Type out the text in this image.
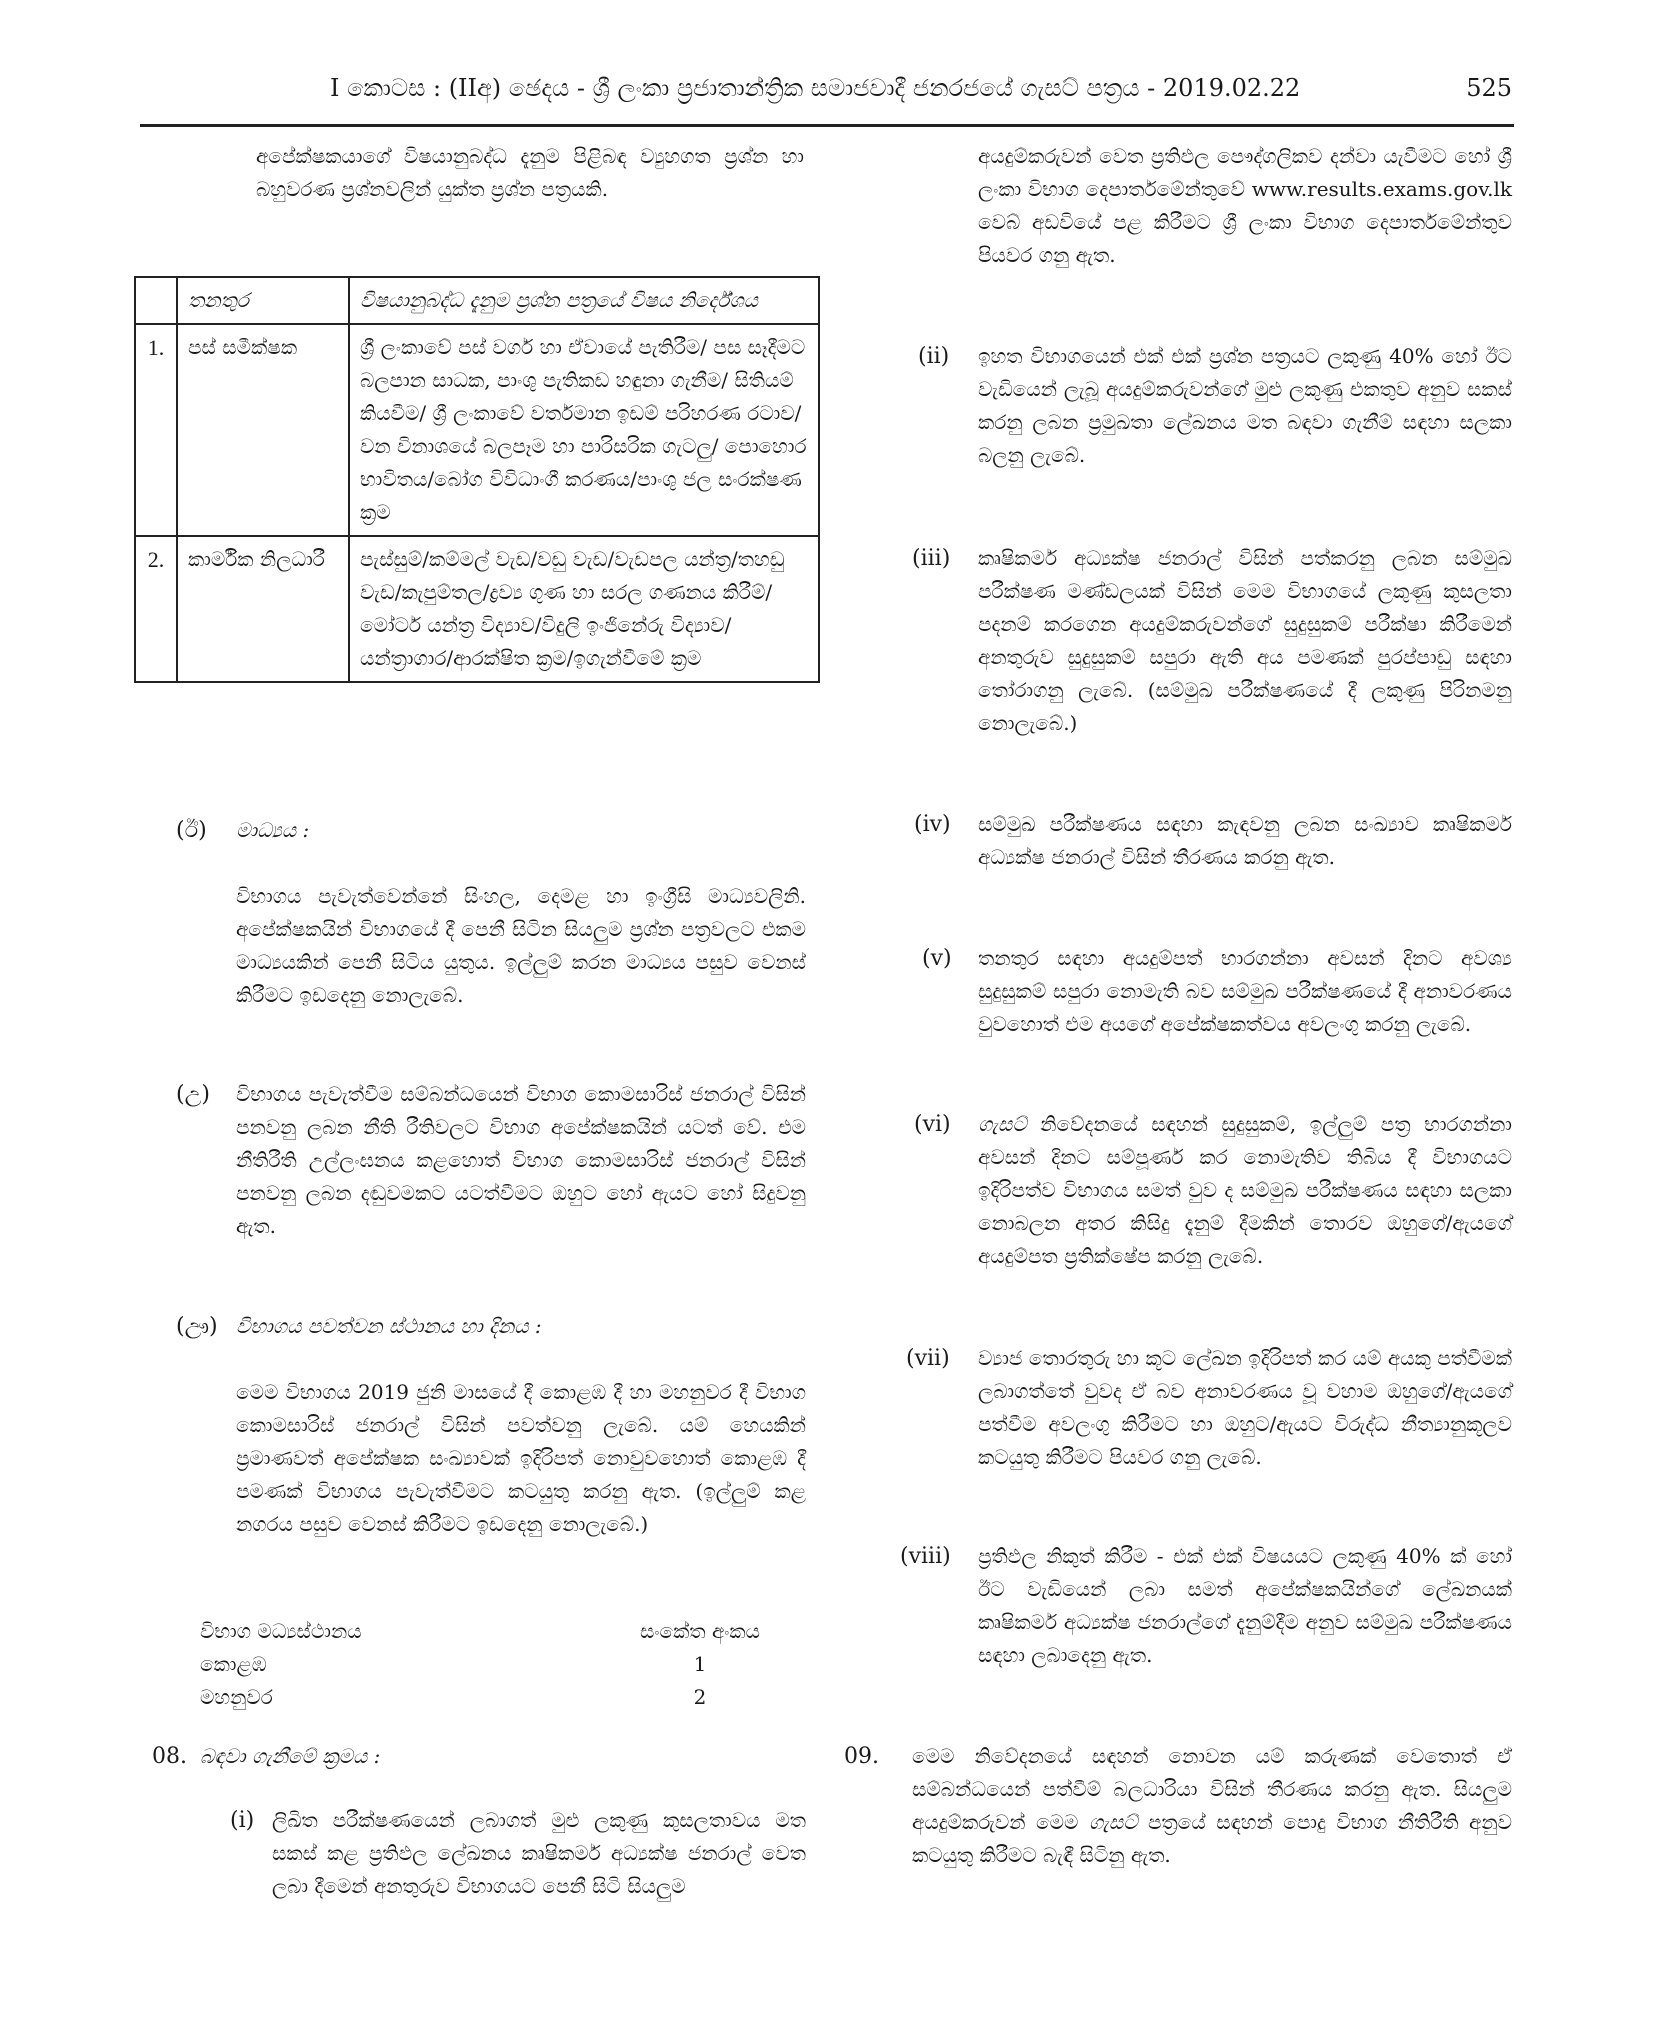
I කොටස : (IIඅ) ඡෙදය - ශ්‍රී ලංකා ප්‍රජාතාන්ත්‍රික සමාජවාදී ජනරජයේ ගැසට් පත්‍රය - 2019.02.22	525
අපේක්ෂකයාගේ විෂයානුබද්ධ දැනුම පිළිබඳ ව්‍යුහගත ප්‍රශ්න හා බහුවරණ ප්‍රශ්නවලින් යුක්ත ප්‍රශ්න පත්‍රයකි.
	තනතුර	විෂයානුබද්ධ දැනුම ප්‍රශ්න පත්‍රයේ විෂය නිර්දේශය
1.	පස් සමීක්ෂක	ශ්‍රී ලංකාවේ පස් වර්ග හා ඒවායේ පැතිරීම/ පස සෑදීමට බලපාන සාධක, පාංශු පැතිකඩ හඳුනා ගැනීම/ සිතියම් කියවීම/ ශ්‍රී ලංකාවේ වර්තමාන ඉඩම් පරිහරණ රටාව/වන විනාශයේ බලපෑම හා පාරිසරික ගැටලු/ පොහොර භාවිතය/බෝග විවිධාංගී කරණය/පාංශු ජල සංරක්ෂණ ක්‍රම
2.	කාර්මික නිලධාරී	පැස්සුම්/කම්මල් වැඩ/වඩු වැඩ/වැඩපල යන්ත්‍ර/තහඩු වැඩ/කැපුම්තල/ද්‍රව්‍ය ගුණ හා සරල ගණනය කිරීම්/මෝටර් යන්ත්‍ර විද්‍යාව/විදුලි ඉංජිනේරු විද්‍යාව/යන්ත්‍රාගාර/ආරක්ෂිත ක්‍රම/ඉගැන්වීමේ ක්‍රම
(ඊ) මාධ්‍යය :
විභාගය පැවැත්වෙන්නේ සිංහල, දෙමළ හා ඉංග්‍රීසි මාධ්‍යවලිනි. අපේක්ෂකයින් විභාගයේ දී පෙනී සිටින සියලුම ප්‍රශ්න පත්‍රවලට එකම මාධ්‍යයකින් පෙනී සිටිය යුතුය. ඉල්ලුම් කරන මාධ්‍යය පසුව වෙනස් කිරීමට ඉඩදෙනු නොලැබේ.
(උ) විභාගය පැවැත්වීම සම්බන්ධයෙන් විභාග කොමසාරිස් ජනරාල් විසින් පනවනු ලබන නීති රීතිවලට විභාග අපේක්ෂකයින් යටත් වේ. එම නීතිරීති උල්ලංඝනය කළහොත් විභාග කොමසාරිස් ජනරාල් විසින් පනවනු ලබන දඬුවමකට යටත්වීමට ඔහුට හෝ ඇයට හෝ සිදුවනු ඇත.
(ඌ) විභාගය පවත්වන ස්ථානය හා දිනය :
මෙම විභාගය 2019 ජුනි මාසයේ දී කොළඹ දී හා මහනුවර දී විභාග කොමසාරිස් ජනරාල් විසින් පවත්වනු ලැබේ. යම් හෙයකින් ප්‍රමාණවත් අපේක්ෂක සංඛ්‍යාවක් ඉදිරිපත් නොවුවහොත් කොළඹ දී පමණක් විභාගය පැවැත්වීමට කටයුතු කරනු ඇත. (ඉල්ලුම් කළ නගරය පසුව වෙනස් කිරීමට ඉඩදෙනු නොලැබේ.)
විභාග මධ්‍යස්ථානය	සංකේත අංකය
කොළඹ	1
මහනුවර	2
08. බඳවා ගැනීමේ ක්‍රමය :
(i) ලිඛිත පරීක්ෂණයෙන් ලබාගත් මුළු ලකුණු කුසලතාවය මත සකස් කළ ප්‍රතිඵල ලේඛනය කෘෂිකර්ම අධ්‍යක්ෂ ජනරාල් වෙත ලබා දීමෙන් අනතුරුව විභාගයට පෙනී සිටි සියලුම
අයදුම්කරුවන් වෙත ප්‍රතිඵල පෞද්ගලිකව දන්වා යැවීමට හෝ ශ්‍රී ලංකා විභාග දෙපාර්තමේන්තුවේ www.results.exams.gov.lk වෙබ් අඩවියේ පළ කිරීමට ශ්‍රී ලංකා විභාග දෙපාර්තමේන්තුව පියවර ගනු ඇත.
(ii) ඉහත විභාගයෙන් එක් එක් ප්‍රශ්න පත්‍රයට ලකුණු 40% හෝ ඊට වැඩියෙන් ලැබූ අයදුම්කරුවන්ගේ මුළු ලකුණු එකතුව අනුව සකස් කරනු ලබන ප්‍රමුඛතා ලේඛනය මත බඳවා ගැනීම් සඳහා සලකා බලනු ලැබේ.
(iii) කෘෂිකර්ම අධ්‍යක්ෂ ජනරාල් විසින් පත්කරනු ලබන සම්මුඛ පරීක්ෂණ මණ්ඩලයක් විසින් මෙම විභාගයේ ලකුණු කුසලතා පදනම් කරගෙන අයදුම්කරුවන්ගේ සුදුසුකම් පරීක්ෂා කිරීමෙන් අනතුරුව සුදුසුකම් සපුරා ඇති අය පමණක් පුරප්පාඩු සඳහා තෝරාගනු ලැබේ. (සම්මුඛ පරීක්ෂණයේ දී ලකුණු පිරිනමනු නොලැබේ.)
(iv) සම්මුඛ පරීක්ෂණය සඳහා කැඳවනු ලබන සංඛ්‍යාව කෘෂිකර්ම අධ්‍යක්ෂ ජනරාල් විසින් තීරණය කරනු ඇත.
(v) තනතුර සඳහා අයදුම්පත් භාරගන්නා අවසන් දිනට අවශ්‍ය සුදුසුකම් සපුරා නොමැති බව සම්මුඛ පරීක්ෂණයේ දී අනාවරණය වුවහොත් එම අයගේ අපේක්ෂකත්වය අවලංගු කරනු ලැබේ.
(vi) ගැසට් නිවේදනයේ සඳහන් සුදුසුකම්, ඉල්ලුම් පත්‍ර භාරගන්නා අවසන් දිනට සම්පූර්ණ කර නොමැතිව තිබිය දී විභාගයට ඉදිරිපත්ව විභාගය සමත් වුව ද සම්මුඛ පරීක්ෂණය සඳහා සලකා නොබලන අතර කිසිදු දැනුම් දීමකින් තොරව ඔහුගේ/ඇයගේ අයදුම්පත ප්‍රතික්ෂේප කරනු ලැබේ.
(vii) ව්‍යාජ තොරතුරු හා කූට ලේඛන ඉදිරිපත් කර යම් අයකු පත්වීමක් ලබාගත්තේ වුවද ඒ බව අනාවරණය වූ වහාම ඔහුගේ/ඇයගේ පත්වීම අවලංගු කිරීමට හා ඔහුට/ඇයට විරුද්ධ නීත්‍යානුකූලව කටයුතු කිරීමට පියවර ගනු ලැබේ.
(viii) ප්‍රතිඵල නිකුත් කිරීම - එක් එක් විෂයයට ලකුණු 40% ක් හෝ ඊට වැඩියෙන් ලබා සමත් අපේක්ෂකයින්ගේ ලේඛනයක් කෘෂිකර්ම අධ්‍යක්ෂ ජනරාල්ගේ දැනුම්දීම අනුව සම්මුඛ පරීක්ෂණය සඳහා ලබාදෙනු ඇත.
09. මෙම නිවේදනයේ සඳහන් නොවන යම් කරුණක් වෙතොත් ඒ සම්බන්ධයෙන් පත්වීම් බලධාරියා විසින් තීරණය කරනු ඇත. සියලුම අයදුම්කරුවන් මෙම ගැසට් පත්‍රයේ සඳහන් පොදු විභාග නීතිරීති අනුව කටයුතු කිරීමට බැඳී සිටිනු ඇත.
